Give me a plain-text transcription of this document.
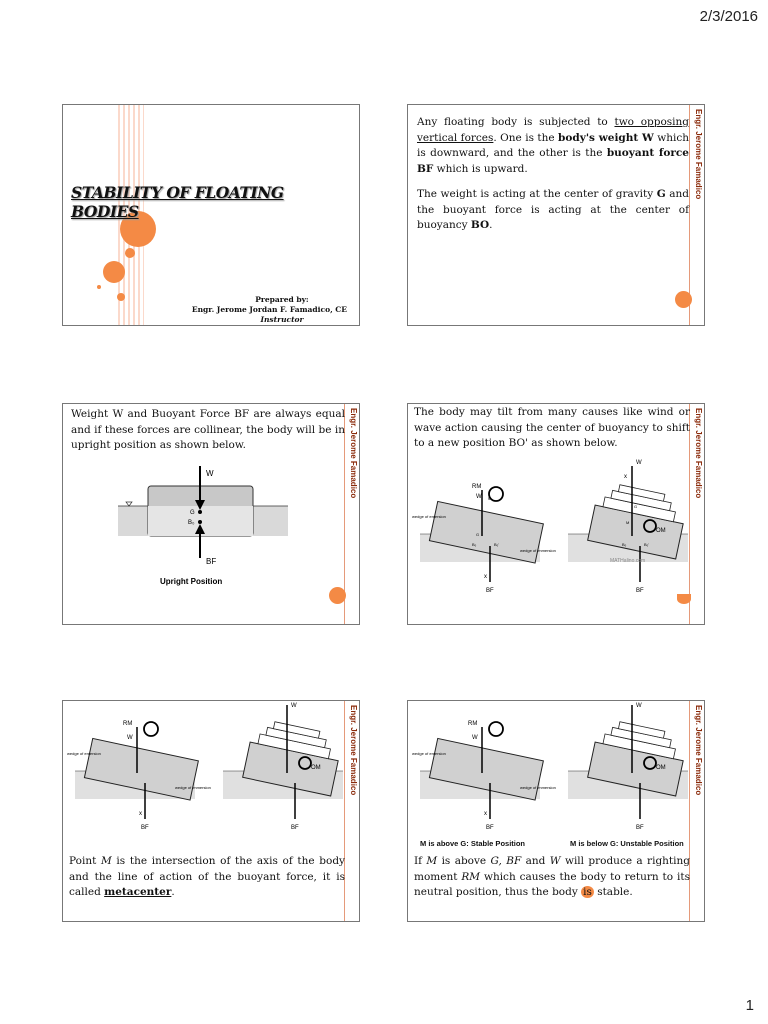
2/3/2016
STABILITY OF FLOATING BODIES
Prepared by:
Engr. Jerome Jordan F. Famadico, CE
Instructor
Engr. Jerome Famadico
Any floating body is subjected to two opposing vertical forces. One is the body's weight W which is downward, and the other is the buoyant force BF which is upward.
The weight is acting at the center of gravity G and the buoyant force is acting at the center of buoyancy BO.
Engr. Jerome Famadico
Weight W and Buoyant Force BF are always equal and if these forces are collinear, the body will be in upright position as shown below.
W
G
B₀
BF
Upright Position
Engr. Jerome Famadico
The body may tilt from many causes like wind or wave action causing the center of buoyancy to shift to a new position BO' as shown below.
RM
W M
G
B₀	B₀'
x
BF
wedge of emersion
wedge of immersion
W
x
OM
M
G
B₀	B₀'
BF
MATHalino.com
Engr. Jerome Famadico
RM
W
wedge of emersion
wedge of immersion
x
BF
W
OM
BF
Point M is the intersection of the axis of the body and the line of action of the buoyant force, it is called metacenter.
Engr. Jerome Famadico
RM
W
wedge of emersion
wedge of immersion
x
BF
W
OM
BF
M is above G: Stable Position	M is below G: Unstable Position
If M is above G, BF and W will produce a righting moment RM which causes the body to return to its neutral position, thus the body is stable.
1
